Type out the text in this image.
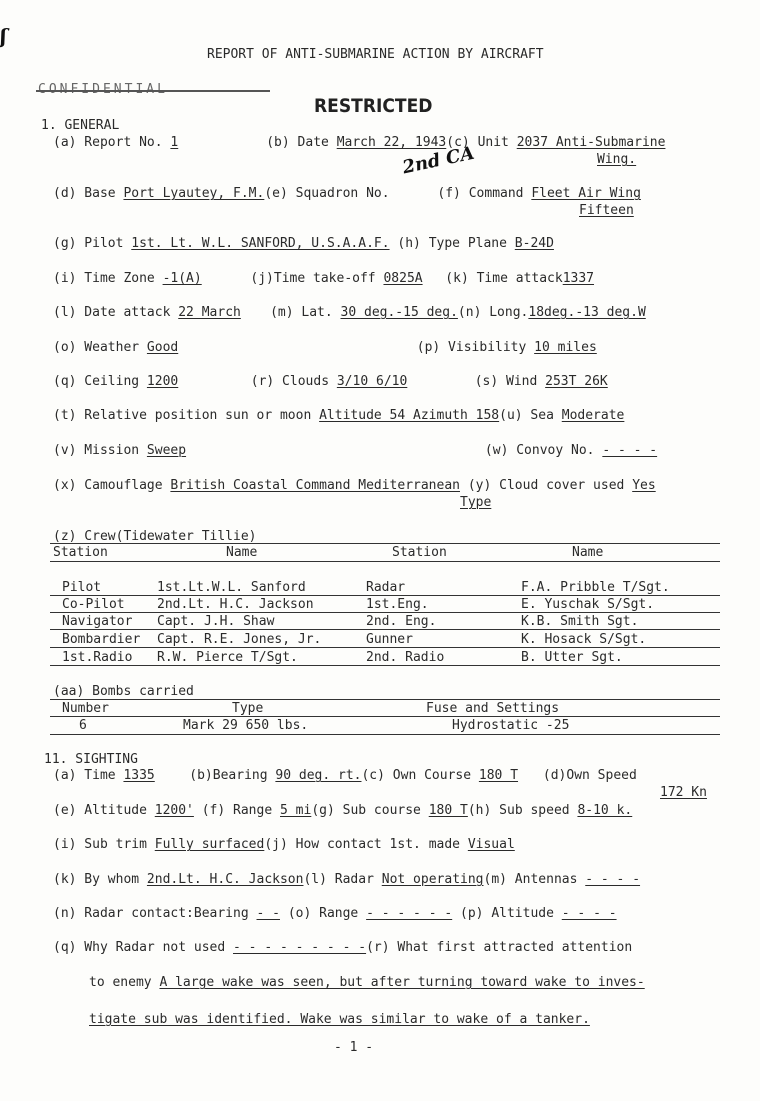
ʃ
REPORT OF ANTI-SUBMARINE ACTION BY AIRCRAFT
RESTRICTED
2nd CA
1. GENERAL
(a) Report No. 1	(b) Date March 22, 1943(c) Unit 2037 Anti-Submarine
Wing.
(d) Base Port Lyautey, F.M.(e) Squadron No.	(f) Command Fleet Air Wing
Fifteen
(g) Pilot 1st. Lt. W.L. SANFORD, U.S.A.A.F. (h) Type Plane B-24D
(i) Time Zone -1(A)	(j)Time take-off 0825A (k) Time attack1337
(l) Date attack 22 March (m) Lat. 30 deg.-15 deg.(n) Long.18deg.-13 deg.W
(o) Weather Good	(p) Visibility 10 miles
(q) Ceiling 1200	(r) Clouds 3/10 6/10	(s) Wind 253T 26K
(t) Relative position sun or moon Altitude 54 Azimuth 158(u) Sea Moderate
(v) Mission Sweep	(w) Convoy No. - - - -
(x) Camouflage British Coastal Command Mediterranean (y) Cloud cover used Yes
Type
(z) Crew(Tidewater Tillie)
Station	Name	Station	Name
Pilot	1st.Lt.W.L. Sanford	Radar	F.A. Pribble T/Sgt.
Co-Pilot 2nd.Lt. H.C. Jackson	1st.Eng.	E. Yuschak S/Sgt.
Navigator Capt. J.H. Shaw	2nd. Eng.	K.B. Smith Sgt.
Bombardier Capt. R.E. Jones, Jr.	Gunner	K. Hosack S/Sgt.
1st.Radio R.W. Pierce T/Sgt.	2nd. Radio	B. Utter Sgt.
(aa) Bombs carried
Number	Type	Fuse and Settings
6	Mark 29 650 lbs.	Hydrostatic -25
11. SIGHTING
(a) Time 1335	(b)Bearing 90 deg. rt.(c) Own Course 180 T (d)Own Speed
172 Kn
(e) Altitude 1200' (f) Range 5 mi(g) Sub course 180 T(h) Sub speed 8-10 k.
(i) Sub trim Fully surfaced(j) How contact 1st. made Visual
(k) By whom 2nd.Lt. H.C. Jackson(l) Radar Not operating(m) Antennas - - - -
(n) Radar contact:Bearing - - (o) Range - - - - - - (p) Altitude - - - -
(q) Why Radar not used - - - - - - - - -(r) What first attracted attention
to enemy A large wake was seen, but after turning toward wake to inves-
tigate sub was identified. Wake was similar to wake of a tanker.
- 1 -
